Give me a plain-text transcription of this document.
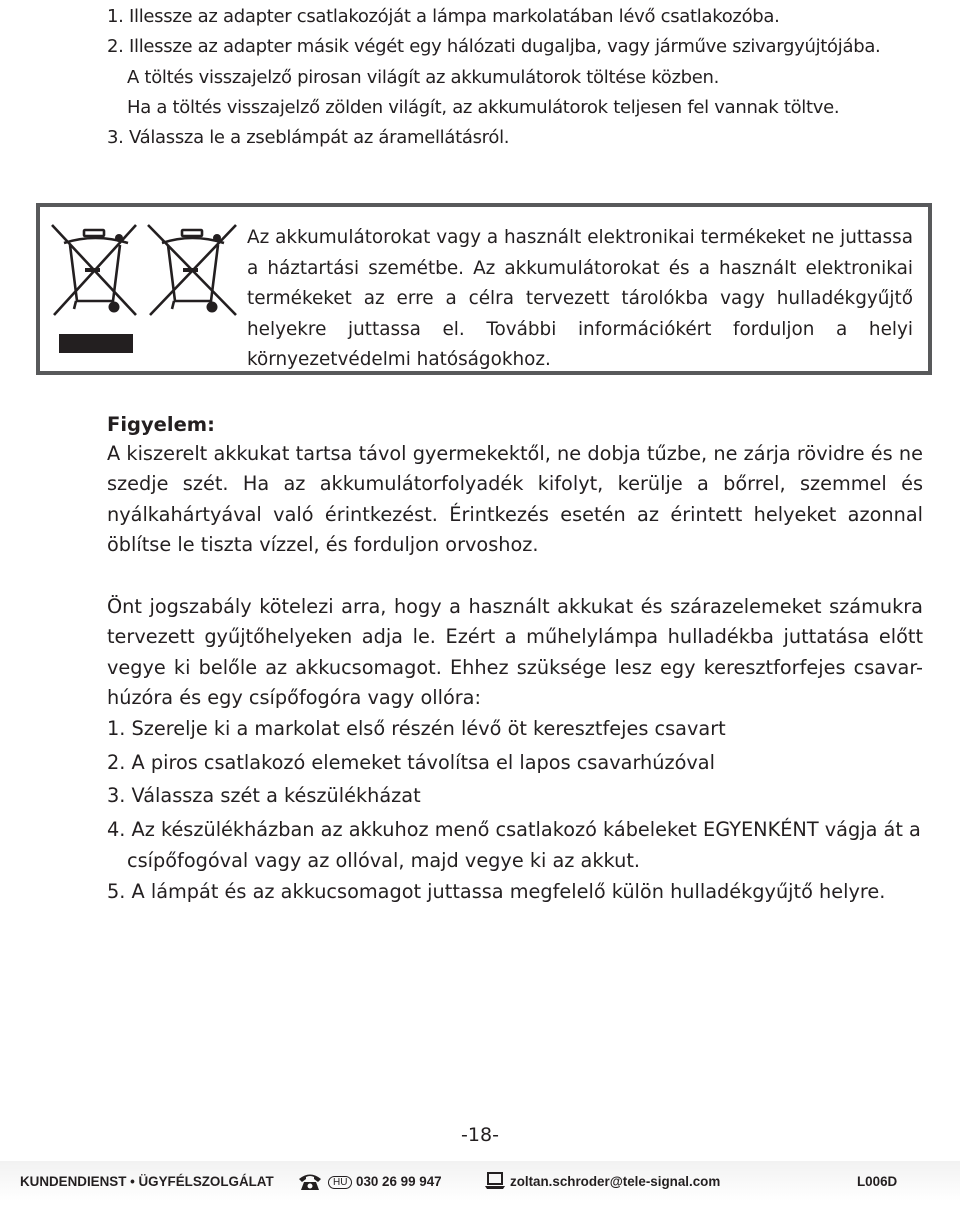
1. Illessze az adapter csatlakozóját a lámpa markolatában lévő csatlakozóba.
2. Illessze az adapter másik végét egy hálózati dugaljba, vagy járműve szivargyújtójába.
A töltés visszajelző pirosan világít az akkumulátorok töltése közben.
Ha a töltés visszajelző zölden világít, az akkumulátorok teljesen fel vannak töltve.
3. Válassza le a zseblámpát az áramellátásról.
Az akkumulátorokat vagy a használt elektronikai termékeket ne juttassa a háztartási szemétbe. Az akkumulátorokat és a használt elektronikai termékeket az erre a célra tervezett tárolókba vagy hulladékgyűjtő helyekre juttassa el. További információkért forduljon a helyi környezetvédelmi hatóságokhoz.
Figyelem:
A kiszerelt akkukat tartsa távol gyermekektől, ne dobja tűzbe, ne zárja rövidre és ne szedje szét. Ha az akkumulátorfolyadék kifolyt, kerülje a bőrrel, szemmel és nyálkahártyával való érintkezést. Érintkezés esetén az érintett helyeket azonnal öblítse le tiszta vízzel, és forduljon orvoshoz.
Önt jogszabály kötelezi arra, hogy a használt akkukat és szárazelemeket számukra tervezett gyűjtőhelyeken adja le. Ezért a műhelylámpa hulladékba juttatása előtt vegye ki belőle az akkucsomagot. Ehhez szüksége lesz egy keresztforfejes csavar-húzóra és egy csípőfogóra vagy ollóra:
1. Szerelje ki a markolat első részén lévő öt keresztfejes csavart
2. A piros csatlakozó elemeket távolítsa el lapos csavarhúzóval
3. Válassza szét a készülékházat
4. Az készülékházban az akkuhoz menő csatlakozó kábeleket EGYENKÉNT vágja át a
csípőfogóval vagy az ollóval, majd vegye ki az akkut.
5. A lámpát és az akkucsomagot juttassa megfelelő külön hulladékgyűjtő helyre.
-18-
KUNDENDIENST • ÜGYFÉLSZOLGÁLAT	HU 030 26 99 947	zoltan.schroder@tele-signal.com	L006D
